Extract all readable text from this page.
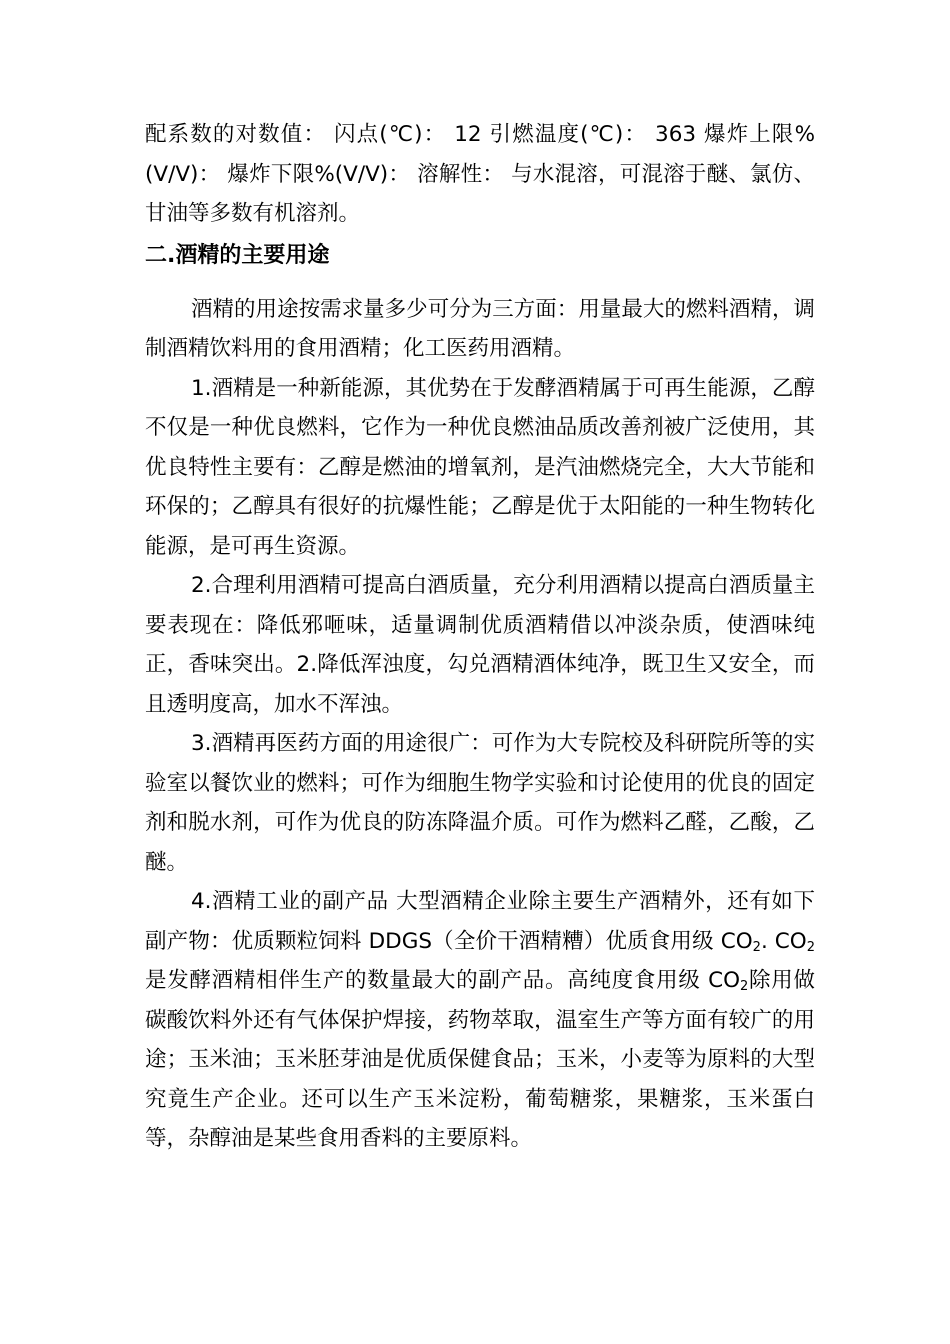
配系数的对数值： 闪点(℃)： 12 引燃温度(℃)： 363 爆炸上限%(V/V)： 爆炸下限%(V/V)： 溶解性： 与水混溶，可混溶于醚、氯仿、甘油等多数有机溶剂。

二.酒精的主要用途

酒精的用途按需求量多少可分为三方面：用量最大的燃料酒精，调制酒精饮料用的食用酒精；化工医药用酒精。

1.酒精是一种新能源，其优势在于发酵酒精属于可再生能源，乙醇不仅是一种优良燃料，它作为一种优良燃油品质改善剂被广泛使用，其优良特性主要有：乙醇是燃油的增氧剂，是汽油燃烧完全，大大节能和环保的；乙醇具有很好的抗爆性能；乙醇是优于太阳能的一种生物转化能源，是可再生资源。

2.合理利用酒精可提高白酒质量，充分利用酒精以提高白酒质量主要表现在：降低邪咂味，适量调制优质酒精借以冲淡杂质，使酒味纯正，香味突出。2.降低浑浊度，勾兑酒精酒体纯净，既卫生又安全，而且透明度高，加水不浑浊。

3.酒精再医药方面的用途很广：可作为大专院校及科研院所等的实验室以餐饮业的燃料；可作为细胞生物学实验和讨论使用的优良的固定剂和脱水剂，可作为优良的防冻降温介质。可作为燃料乙醛，乙酸，乙醚。

4.酒精工业的副产品 大型酒精企业除主要生产酒精外，还有如下副产物：优质颗粒饲料 DDGS（全价干酒精糟）优质食用级 $CO_2$. $CO_2$是发酵酒精相伴生产的数量最大的副产品。高纯度食用级 $CO_2$除用做碳酸饮料外还有气体保护焊接，药物萃取，温室生产等方面有较广的用途；玉米油；玉米胚芽油是优质保健食品；玉米，小麦等为原料的大型究竟生产企业。还可以生产玉米淀粉，葡萄糖浆，果糖浆，玉米蛋白等，杂醇油是某些食用香料的主要原料。
